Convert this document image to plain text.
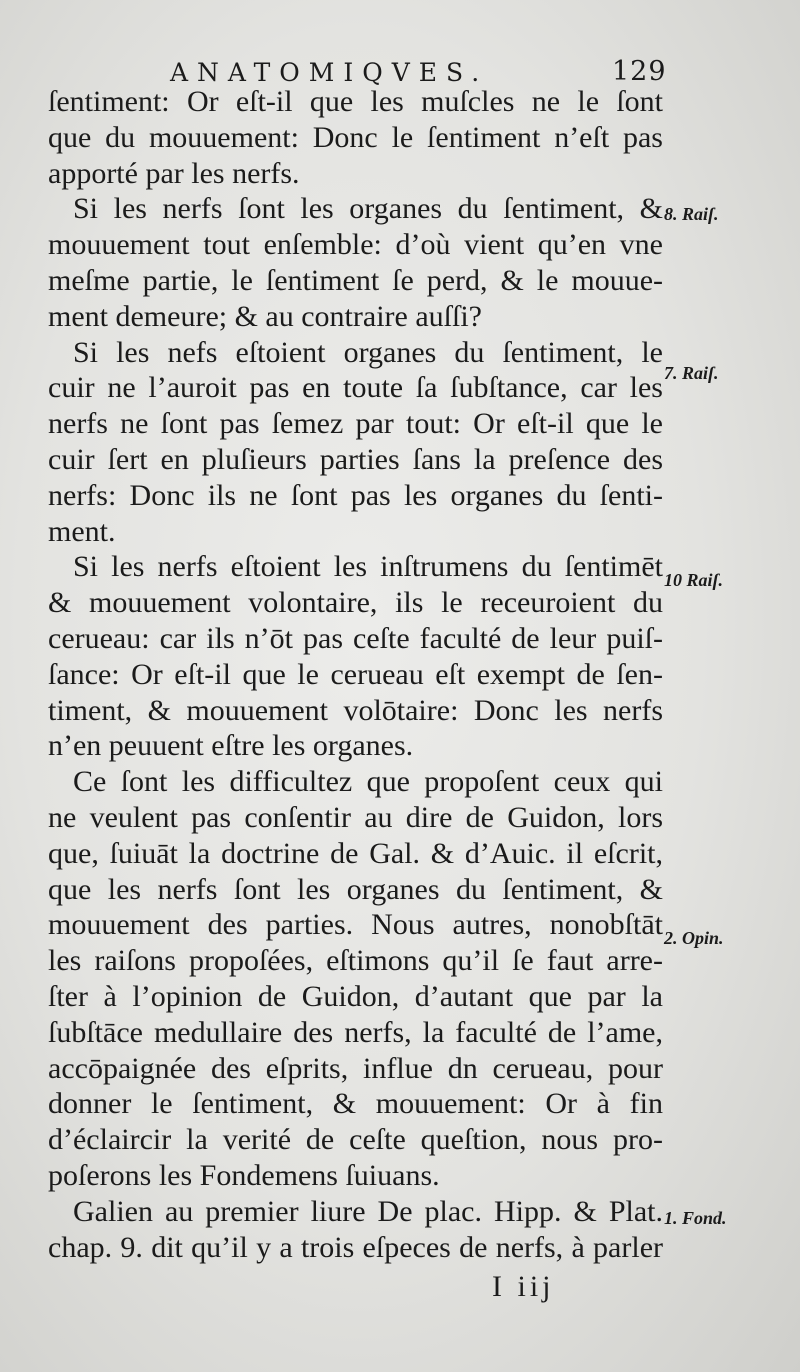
ANATOMIQVES.	129
ſentiment: Or eſt-il que les muſcles ne le ſont
que du mouuement: Donc le ſentiment n’eſt pas
apporté par les nerfs.
Si les nerfs ſont les organes du ſentiment, &
mouuement tout enſemble: d’où vient qu’en vne
meſme partie, le ſentiment ſe perd, & le mouue-
ment demeure; & au contraire auſſi?
Si les nefs eſtoient organes du ſentiment, le
cuir ne l’auroit pas en toute ſa ſubſtance, car les
nerfs ne ſont pas ſemez par tout: Or eſt-il que le
cuir ſert en pluſieurs parties ſans la preſence des
nerfs: Donc ils ne ſont pas les organes du ſenti-
ment.
Si les nerfs eſtoient les inſtrumens du ſentimēt
& mouuement volontaire, ils le receuroient du
cerueau: car ils n’ōt pas ceſte faculté de leur puiſ-
ſance: Or eſt-il que le cerueau eſt exempt de ſen-
timent, & mouuement volōtaire: Donc les nerfs
n’en peuuent eſtre les organes.
Ce ſont les difficultez que propoſent ceux qui
ne veulent pas conſentir au dire de Guidon, lors
que, ſuiuāt la doctrine de Gal. & d’Auic. il eſcrit,
que les nerfs ſont les organes du ſentiment, &
mouuement des parties. Nous autres, nonobſtāt
les raiſons propoſées, eſtimons qu’il ſe faut arre-
ſter à l’opinion de Guidon, d’autant que par la
ſubſtāce medullaire des nerfs, la faculté de l’ame,
accōpaignée des eſprits, influe dn cerueau, pour
donner le ſentiment, & mouuement: Or à fin
d’éclaircir la verité de ceſte queſtion, nous pro-
poſerons les Fondemens ſuiuans.
Galien au premier liure De plac. Hipp. & Plat.
chap. 9. dit qu’il y a trois eſpeces de nerfs, à parler
8. Raiſ.
7. Raiſ.
10 Raiſ.
2. Opin.
1. Fond.
I iij
